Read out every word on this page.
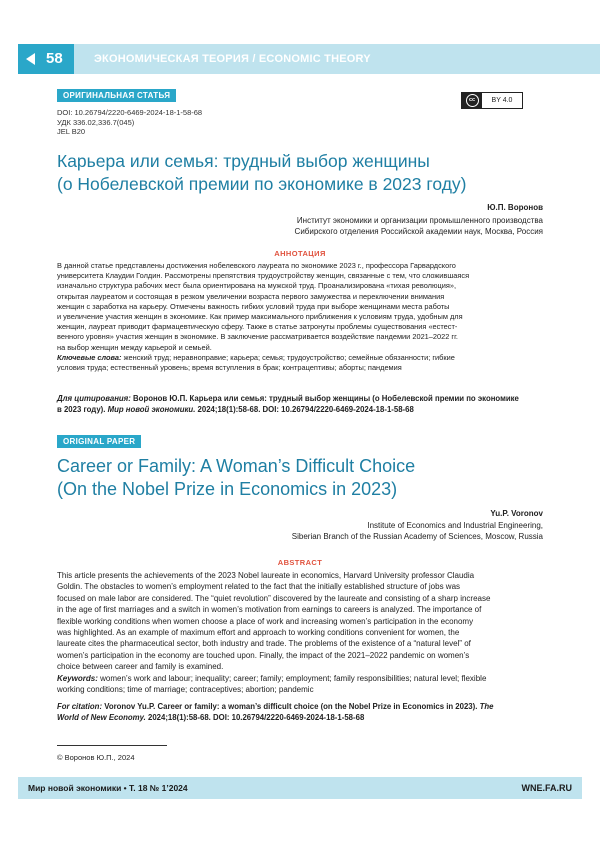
58	ЭКОНОМИЧЕСКАЯ ТЕОРИЯ / ECONOMIC THEORY
ОРИГИНАЛЬНАЯ СТАТЬЯ
DOI: 10.26794/2220-6469-2024-18-1-58-68
УДК 336.02,336.7(045)
JEL B20
cc	BY 4.0
Карьера или семья: трудный выбор женщины
(о Нобелевской премии по экономике в 2023 году)
Ю.П. Воронов
Институт экономики и организации промышленного производства
Сибирского отделения Российской академии наук, Москва, Россия
АННОТАЦИЯ
В данной статье представлены достижения нобелевского лауреата по экономике 2023 г., профессора Гарвардского
университета Клаудии Голдин. Рассмотрены препятствия трудоустройству женщин, связанные с тем, что сложившаяся
изначально структура рабочих мест была ориентирована на мужской труд. Проанализирована «тихая революция»,
открытая лауреатом и состоящая в резком увеличении возраста первого замужества и переключении внимания
женщин с заработка на карьеру. Отмечены важность гибких условий труда при выборе женщинами места работы
и увеличение участия женщин в экономике. Как пример максимального приближения к условиям труда, удобным для
женщин, лауреат приводит фармацевтическую сферу. Также в статье затронуты проблемы существования «естест-
венного уровня» участия женщин в экономике. В заключение рассматривается воздействие пандемии 2021–2022 гг.
на выбор женщин между карьерой и семьей.
Ключевые слова: женский труд; неравноправие; карьера; семья; трудоустройство; семейные обязанности; гибкие
условия труда; естественный уровень; время вступления в брак; контрацептивы; аборты; пандемия
Для цитирования: Воронов Ю.П. Карьера или семья: трудный выбор женщины (о Нобелевской премии по экономике
в 2023 году). Мир новой экономики. 2024;18(1):58-68. DOI: 10.26794/2220-6469-2024-18-1-58-68
ORIGINAL PAPER
Career or Family: A Woman’s Difficult Choice
(On the Nobel Prize in Economics in 2023)
Yu.P. Voronov
Institute of Economics and Industrial Engineering,
Siberian Branch of the Russian Academy of Sciences, Moscow, Russia
ABSTRACT
This article presents the achievements of the 2023 Nobel laureate in economics, Harvard University professor Claudia
Goldin. The obstacles to women’s employment related to the fact that the initially established structure of jobs was
focused on male labor are considered. The “quiet revolution” discovered by the laureate and consisting of a sharp increase
in the age of first marriages and a switch in women’s motivation from earnings to careers is analyzed. The importance of
flexible working conditions when women choose a place of work and increasing women’s participation in the economy
was highlighted. As an example of maximum effort and approach to working conditions convenient for women, the
laureate cites the pharmaceutical sector, both industry and trade. The problems of the existence of a “natural level” of
women’s participation in the economy are touched upon. Finally, the impact of the 2021–2022 pandemic on women’s
choice between career and family is examined.
Keywords: women’s work and labour; inequality; career; family; employment; family responsibilities; natural level; flexible
working conditions; time of marriage; contraceptives; abortion; pandemic
For citation: Voronov Yu.P. Career or family: a woman’s difficult choice (on the Nobel Prize in Economics in 2023). The
World of New Economy. 2024;18(1):58-68. DOI: 10.26794/2220-6469-2024-18-1-58-68
© Воронов Ю.П., 2024
Мир новой экономики • Т. 18 № 1’2024	WNE.FA.RU
